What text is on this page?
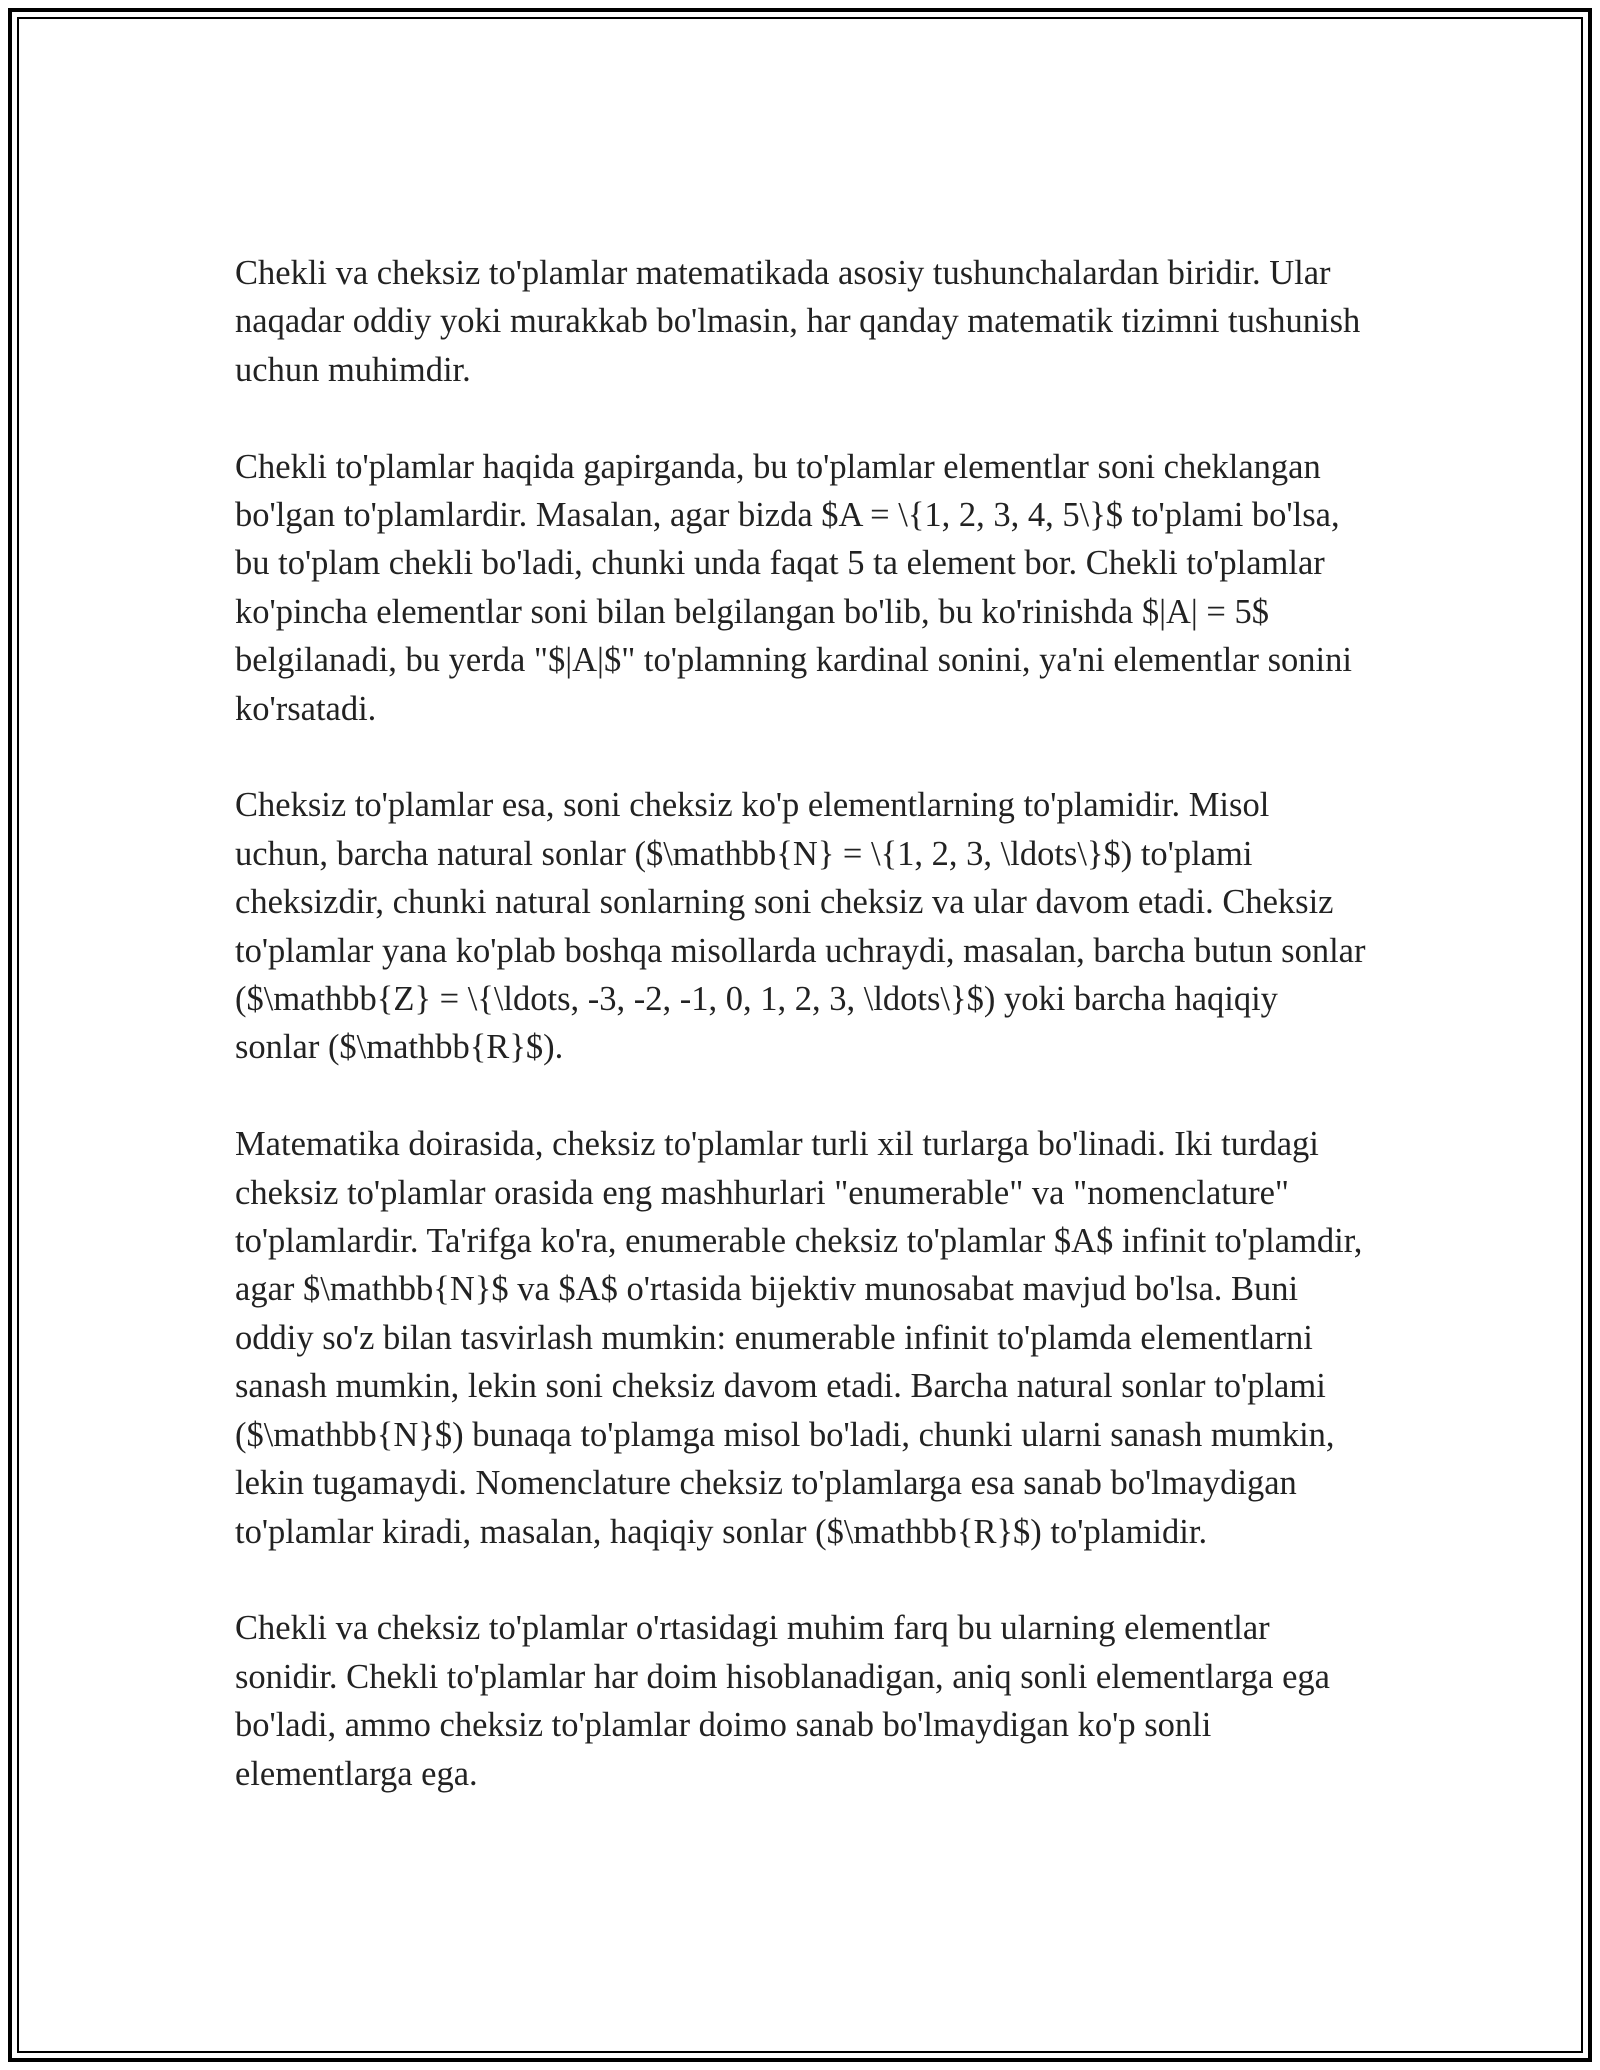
Chekli va cheksiz to'plamlar matematikada asosiy tushunchalardan biridir. Ular naqadar oddiy yoki murakkab bo'lmasin, har qanday matematik tizimni tushunish uchun muhimdir.

Chekli to'plamlar haqida gapirganda, bu to'plamlar elementlar soni cheklangan bo'lgan to'plamlardir. Masalan, agar bizda $A = \{1, 2, 3, 4, 5\}$ to'plami bo'lsa, bu to'plam chekli bo'ladi, chunki unda faqat 5 ta element bor. Chekli to'plamlar ko'pincha elementlar soni bilan belgilangan bo'lib, bu ko'rinishda $|A| = 5$ belgilanadi, bu yerda "$|A|$" to'plamning kardinal sonini, ya'ni elementlar sonini ko'rsatadi.

Cheksiz to'plamlar esa, soni cheksiz ko'p elementlarning to'plamidir. Misol uchun, barcha natural sonlar ($\mathbb{N} = \{1, 2, 3, \ldots\}$) to'plami cheksizdir, chunki natural sonlarning soni cheksiz va ular davom etadi. Cheksiz to'plamlar yana ko'plab boshqa misollarda uchraydi, masalan, barcha butun sonlar ($\mathbb{Z} = \{\ldots, -3, -2, -1, 0, 1, 2, 3, \ldots\}$) yoki barcha haqiqiy sonlar ($\mathbb{R}$).

Matematika doirasida, cheksiz to'plamlar turli xil turlarga bo'linadi. Iki turdagi cheksiz to'plamlar orasida eng mashhurlari "enumerable" va "nomenclature" to'plamlardir. Ta'rifga ko'ra, enumerable cheksiz to'plamlar $A$ infinit to'plamdir, agar $\mathbb{N}$ va $A$ o'rtasida bijektiv munosabat mavjud bo'lsa. Buni oddiy so'z bilan tasvirlash mumkin: enumerable infinit to'plamda elementlarni sanash mumkin, lekin soni cheksiz davom etadi. Barcha natural sonlar to'plami ($\mathbb{N}$) bunaqa to'plamga misol bo'ladi, chunki ularni sanash mumkin, lekin tugamaydi. Nomenclature cheksiz to'plamlarga esa sanab bo'lmaydigan to'plamlar kiradi, masalan, haqiqiy sonlar ($\mathbb{R}$) to'plamidir.

Chekli va cheksiz to'plamlar o'rtasidagi muhim farq bu ularning elementlar sonidir. Chekli to'plamlar har doim hisoblanadigan, aniq sonli elementlarga ega bo'ladi, ammo cheksiz to'plamlar doimo sanab bo'lmaydigan ko'p sonli elementlarga ega.
